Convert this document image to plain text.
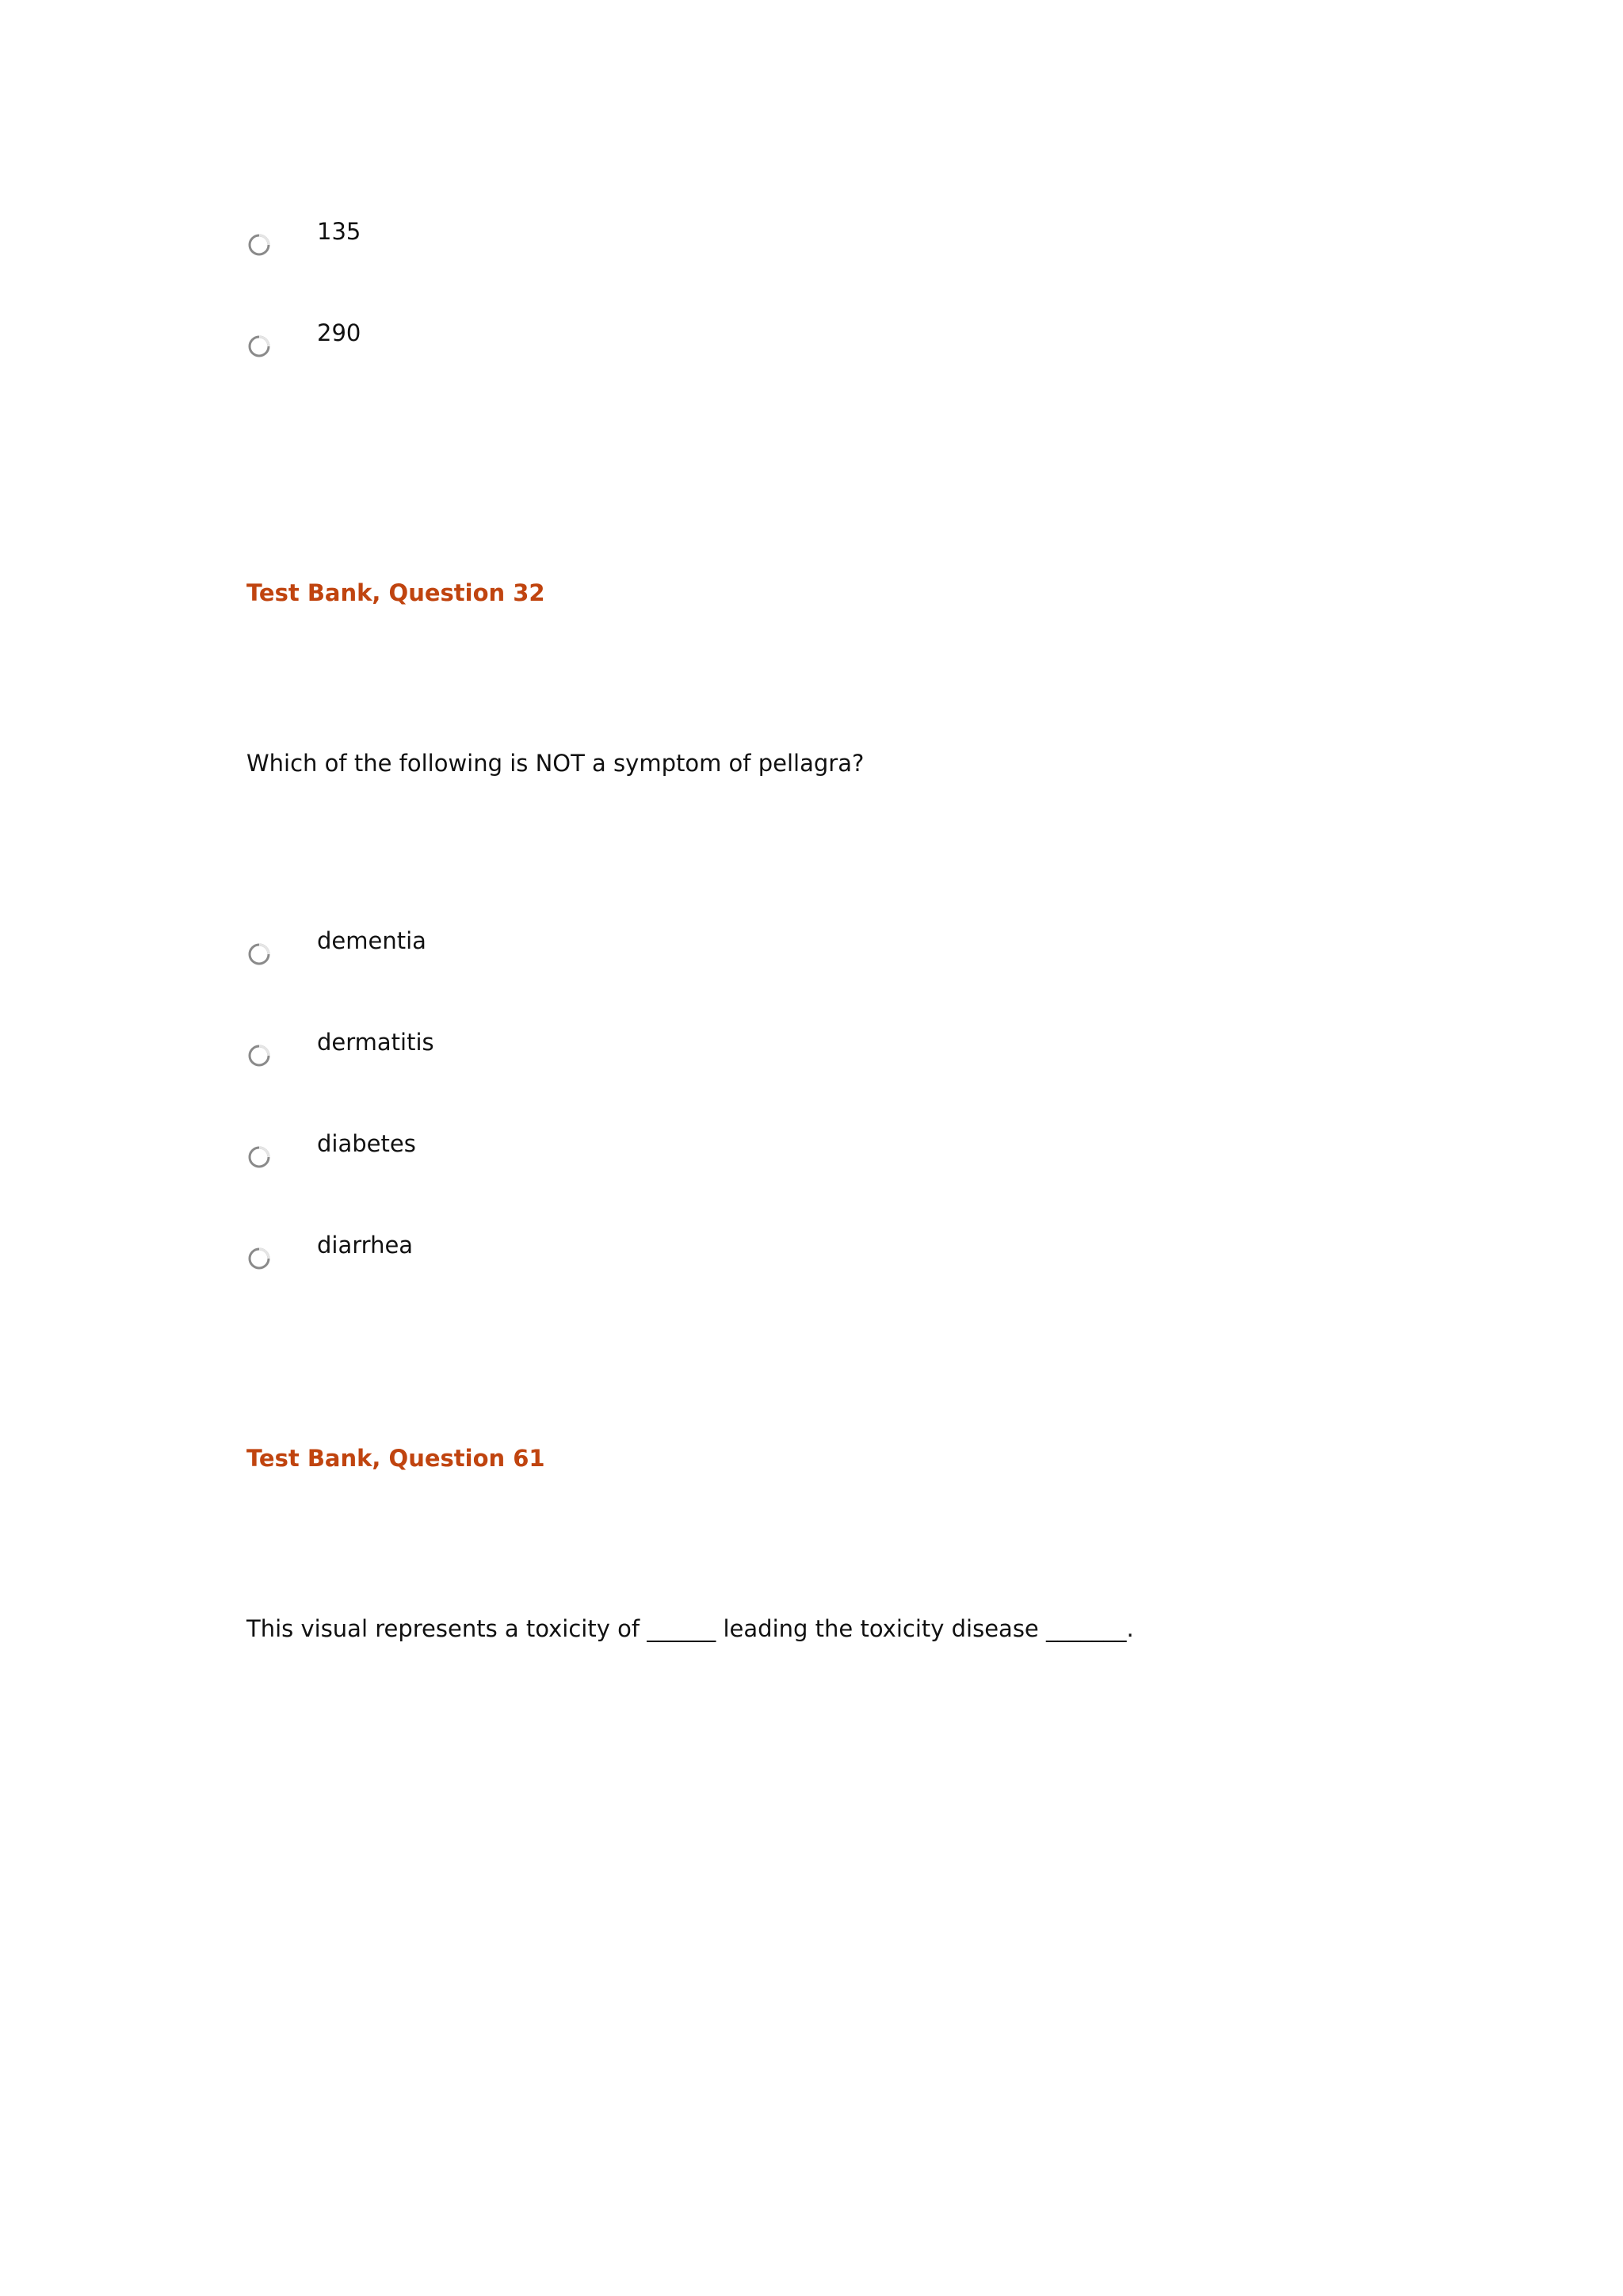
135
290
Test Bank, Question 32
Which of the following is NOT a symptom of pellagra?
dementia
dermatitis
diabetes
diarrhea
Test Bank, Question 61
This visual represents a toxicity of ______ leading the toxicity disease _______.
